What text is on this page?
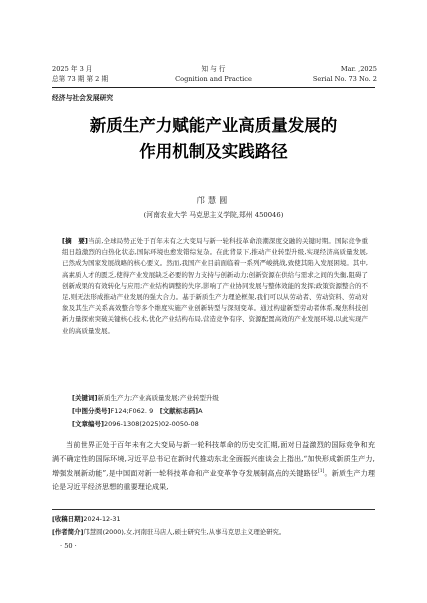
2025 年 3 月
总第 73 期 第 2 期
知 与 行
Cognition and Practice
Mar. ,2025
Serial No. 73 No. 2
经济与社会发展研究
新质生产力赋能产业高质量发展的
作用机制及实践路径
邝慧圆
(河南农业大学 马克思主义学院,郑州 450046)
[摘　要]当前,全球局势正处于百年未有之大变局与新一轮科技革命浪潮深度交融的关键时期。国际竞争重组日趋激烈的白热化状态,国际环境也愈发错综复杂。在此背景下,推动产业转型升级,实现经济高质量发展,已然成为国家发展战略的核心要义。然而,我国产业目前面临着一系列严峻挑战,致使其陷入发展困境。其中,高素质人才的匮乏,使得产业发展缺乏必要的智力支持与创新动力;创新资源在供给与需求之间的失衡,阻碍了创新成果的有效转化与应用;产业结构调整的失序,影响了产业协同发展与整体效能的发挥;政策资源整合的不足,则无法形成推动产业发展的强大合力。基于新质生产力理论框架,我们可以从劳动者、劳动资料、劳动对象及其生产关系高效整合等多个维度实施产业创新转型与深刻变革。通过构建新型劳动者体系,聚焦科技创新力量探索突破关键核心技术,优化产业结构布局,营造竞争有序、资源配置高效的产业发展环境,以此实现产业的高质量发展。
[关键词]新质生产力;产业高质量发展;产业转型升级
[中图分类号]F124;F062. 9　 [文献标志码]A
[文章编号]2096-1308(2025)02-0050-08
当前世界正处于百年未有之大变局与新一轮科技革命的历史交汇期,面对日益激烈的国际竞争和充满不确定性的国际环境,习近平总书记在新时代推动东北全面振兴座谈会上指出,“加快形成新质生产力,增强发展新动能”,是中国面对新一轮科技革命和产业变革争夺发展制高点的关键路径[1]。新质生产力理论是习近平经济思想的重要理论成果,
[收稿日期]2024-12-31
[作者简介]邝慧圆(2000),女,河南驻马店人,硕士研究生,从事马克思主义理论研究。
· 50 ·
